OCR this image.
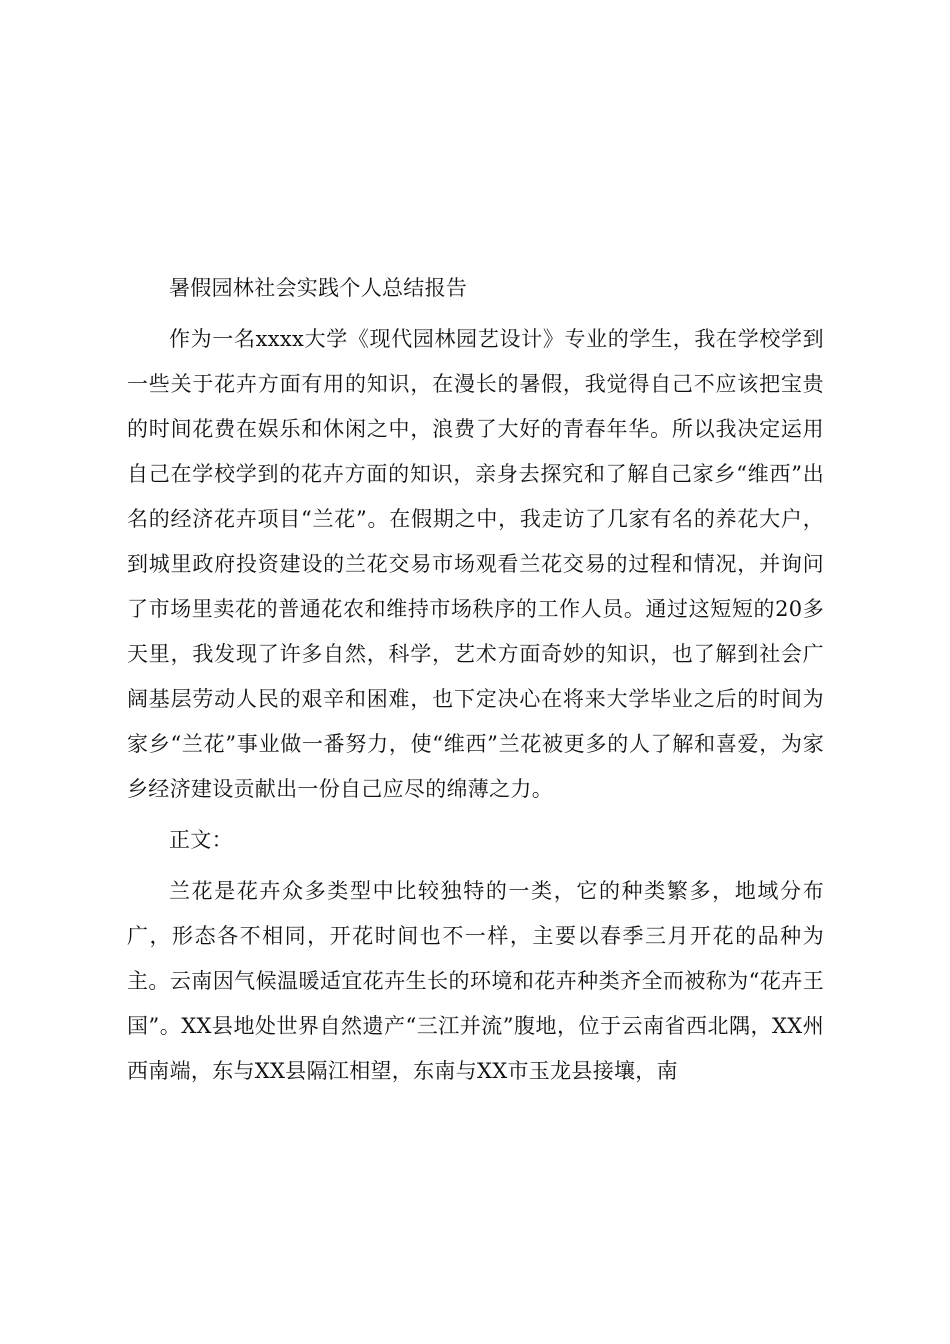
暑假园林社会实践个人总结报告

作为一名xxxx大学《现代园林园艺设计》专业的学生，我在学校学到一些关于花卉方面有用的知识，在漫长的暑假，我觉得自己不应该把宝贵的时间花费在娱乐和休闲之中，浪费了大好的青春年华。所以我决定运用自己在学校学到的花卉方面的知识，亲身去探究和了解自己家乡“维西”出名的经济花卉项目“兰花”。在假期之中，我走访了几家有名的养花大户，到城里政府投资建设的兰花交易市场观看兰花交易的过程和情况，并询问了市场里卖花的普通花农和维持市场秩序的工作人员。通过这短短的20多天里，我发现了许多自然，科学，艺术方面奇妙的知识，也了解到社会广阔基层劳动人民的艰辛和困难，也下定决心在将来大学毕业之后的时间为家乡“兰花”事业做一番努力，使“维西”兰花被更多的人了解和喜爱，为家乡经济建设贡献出一份自己应尽的绵薄之力。

正文：

兰花是花卉众多类型中比较独特的一类，它的种类繁多，地域分布广，形态各不相同，开花时间也不一样，主要以春季三月开花的品种为主。云南因气候温暖适宜花卉生长的环境和花卉种类齐全而被称为“花卉王国”。XX县地处世界自然遗产“三江并流”腹地，位于云南省西北隅，XX州西南端，东与XX县隔江相望，东南与XX市玉龙县接壤，南
